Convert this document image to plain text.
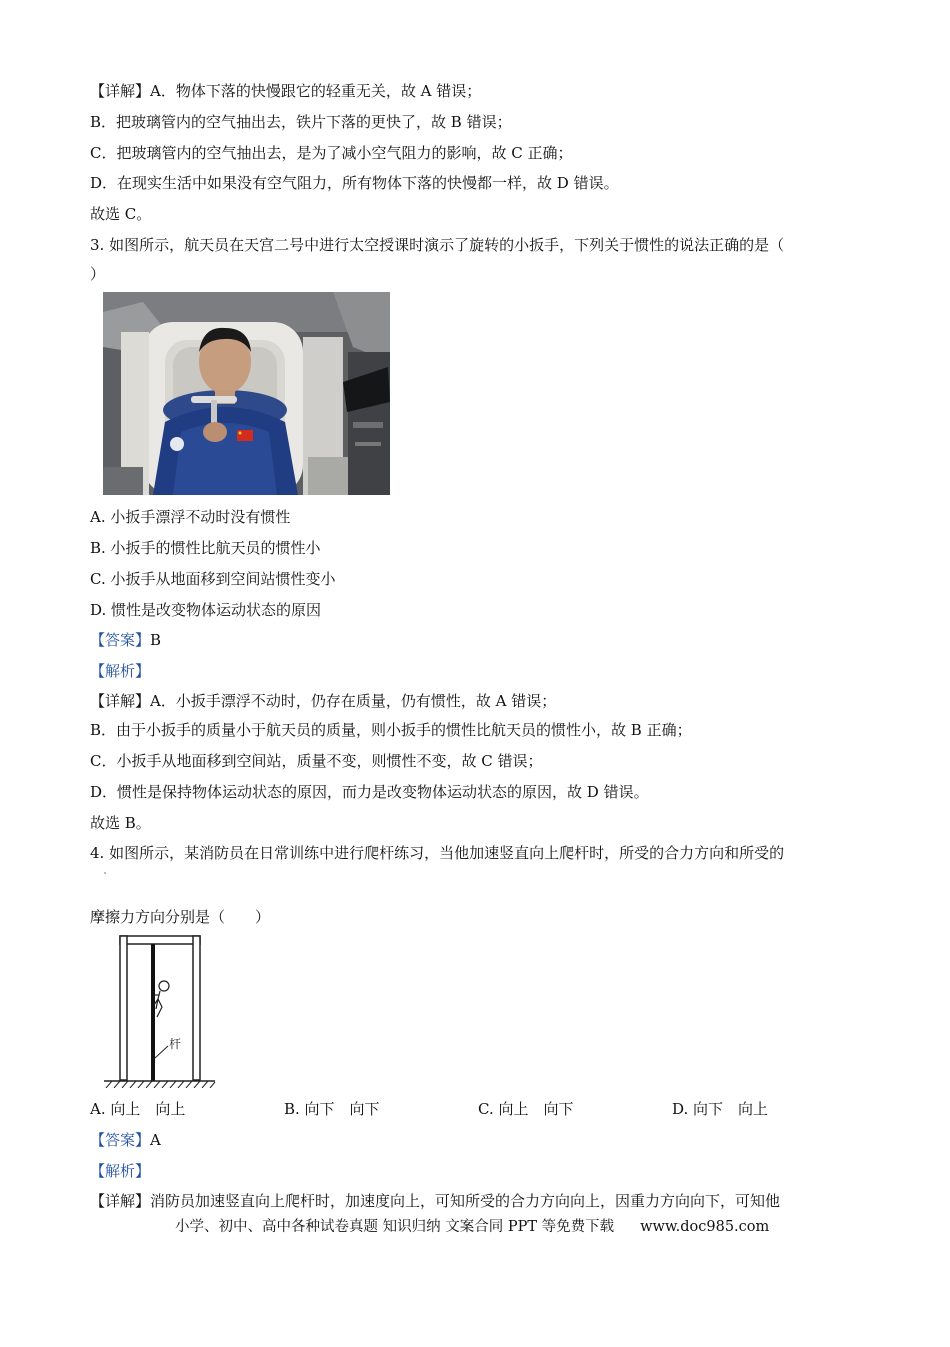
【详解】A．物体下落的快慢跟它的轻重无关，故 A 错误；
B．把玻璃管内的空气抽出去，铁片下落的更快了，故 B 错误；
C．把玻璃管内的空气抽出去，是为了减小空气阻力的影响，故 C 正确；
D．在现实生活中如果没有空气阻力，所有物体下落的快慢都一样，故 D 错误。
故选 C。
3. 如图所示，航天员在天宫二号中进行太空授课时演示了旋转的小扳手，下列关于惯性的说法正确的是（
）
A. 小扳手漂浮不动时没有惯性
B. 小扳手的惯性比航天员的惯性小
C. 小扳手从地面移到空间站惯性变小
D. 惯性是改变物体运动状态的原因
【答案】B
【解析】
【详解】A．小扳手漂浮不动时，仍存在质量，仍有惯性，故 A 错误；
B．由于小扳手的质量小于航天员的质量，则小扳手的惯性比航天员的惯性小，故 B 正确；
C．小扳手从地面移到空间站，质量不变，则惯性不变，故 C 错误；
D．惯性是保持物体运动状态的原因，而力是改变物体运动状态的原因，故 D 错误。
故选 B。
4. 如图所示，某消防员在日常训练中进行爬杆练习，当他加速竖直向上爬杆时，所受的合力方向和所受的
摩擦力方向分别是（　　）
杆
A. 向上　向上	B. 向下　向下	C. 向上　向下	D. 向下　向上
【答案】A
【解析】
【详解】消防员加速竖直向上爬杆时，加速度向上，可知所受的合力方向向上，因重力方向向下，可知他
小学、初中、高中各种试卷真题 知识归纳 文案合同 PPT 等免费下载 www.doc985.com
